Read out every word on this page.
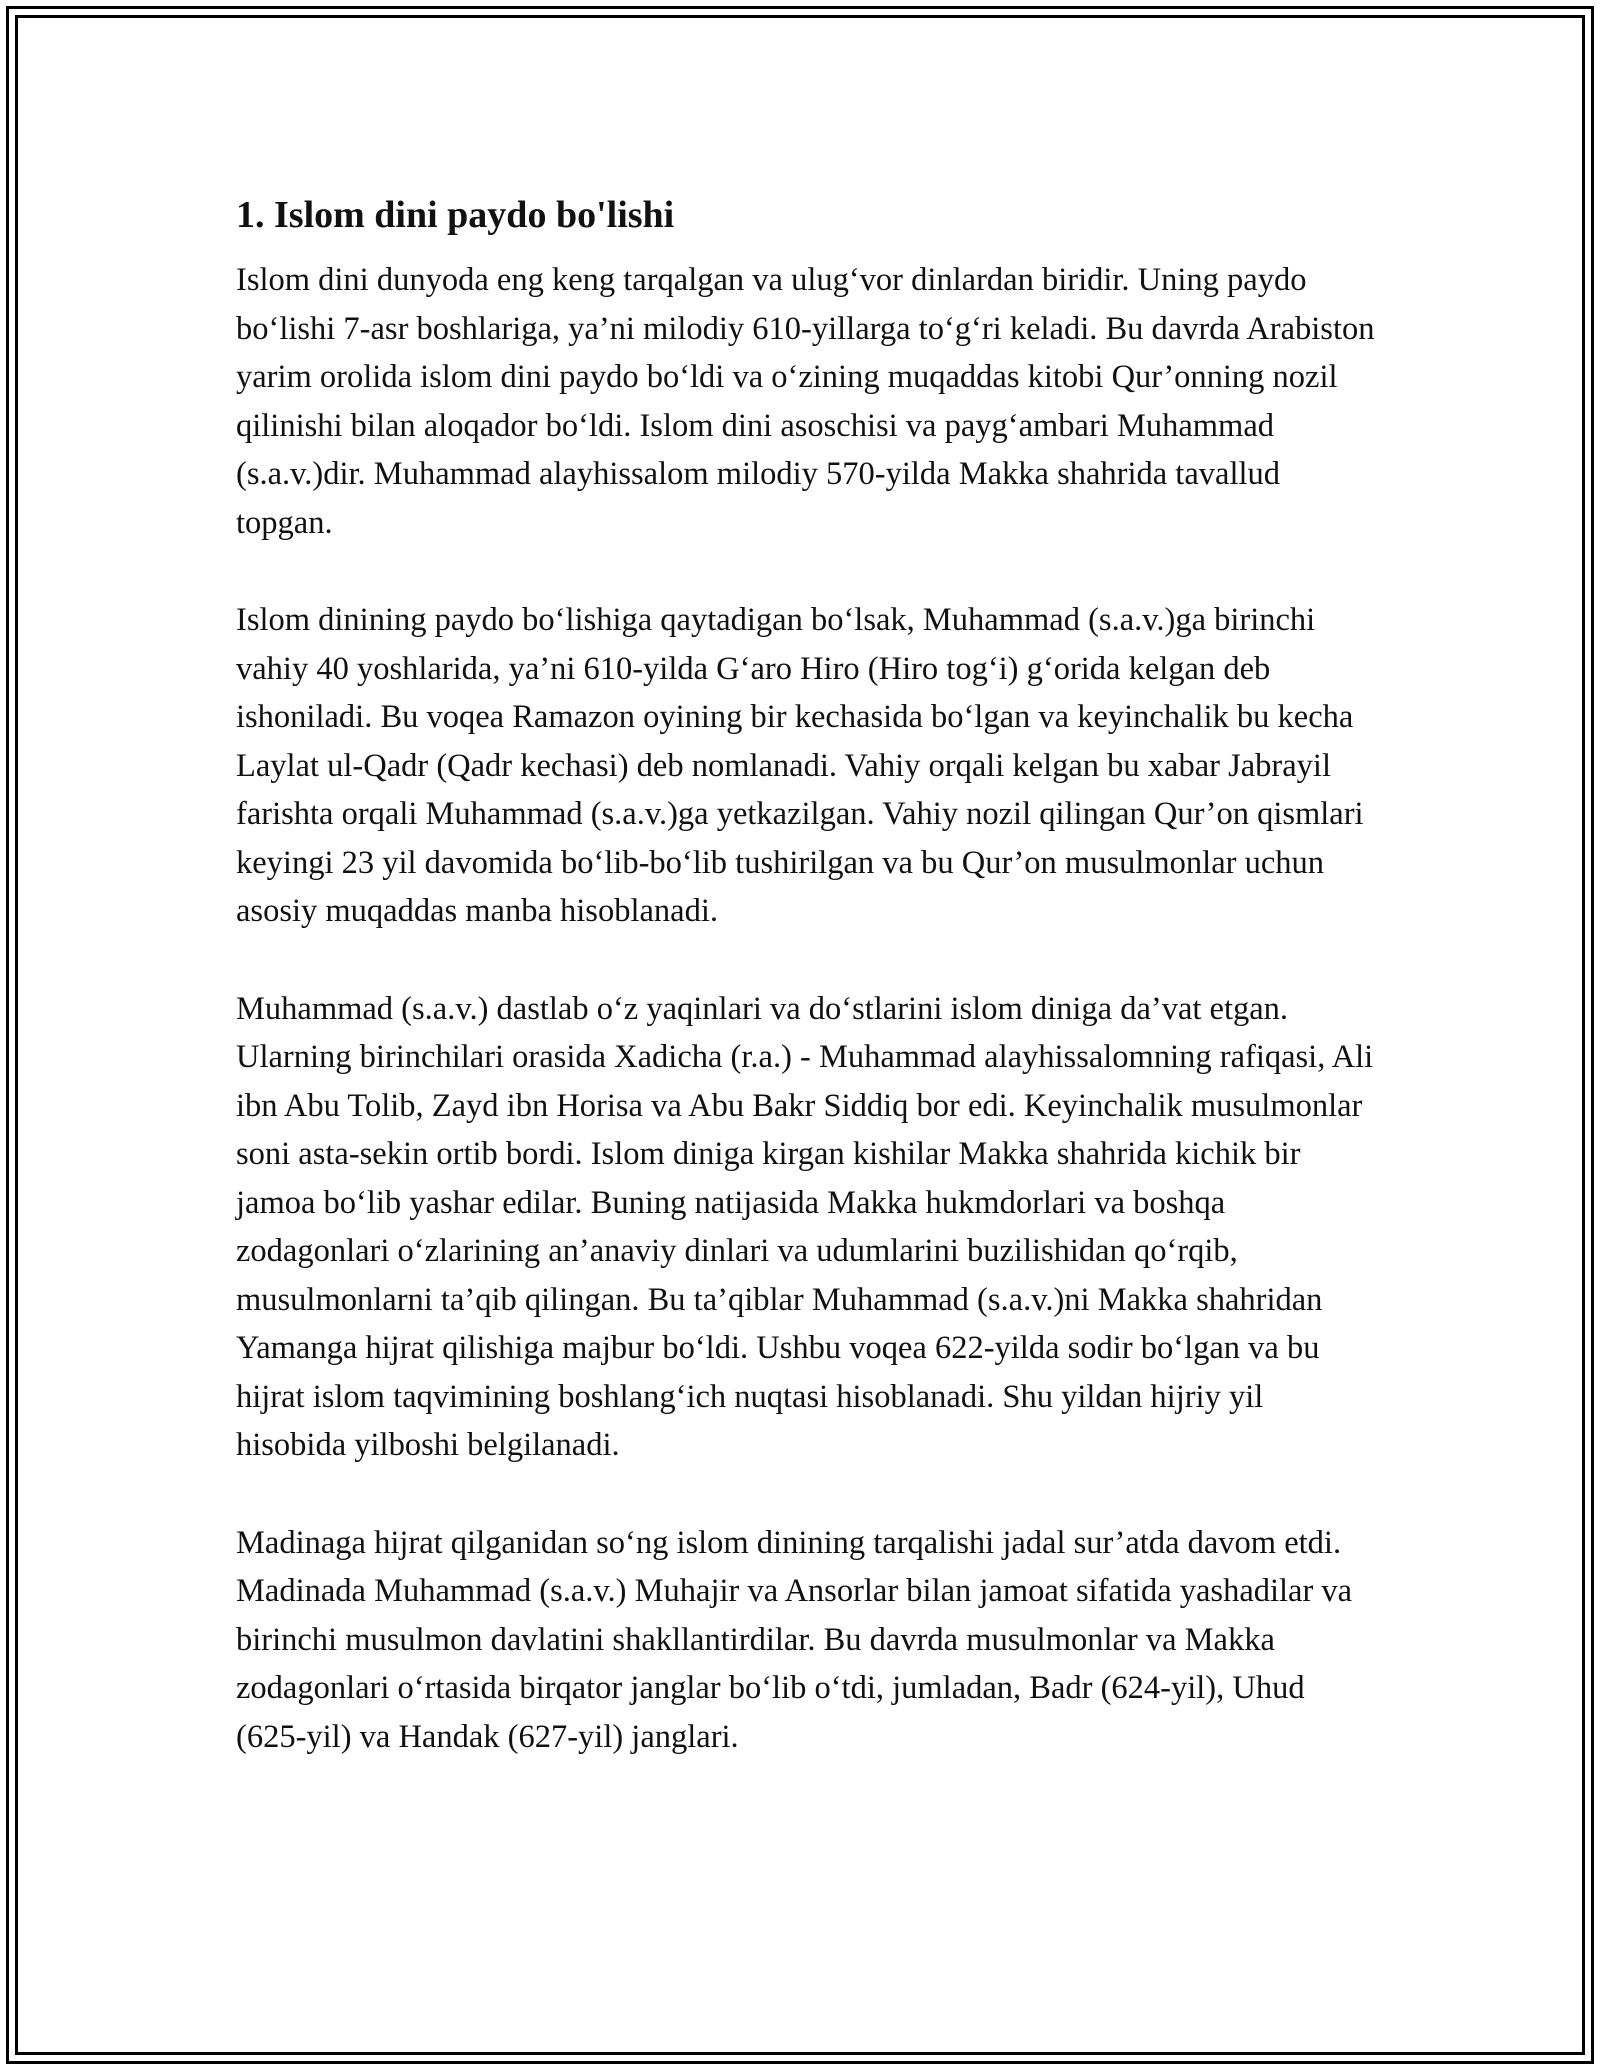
1. Islom dini paydo bo'lishi

Islom dini dunyoda eng keng tarqalgan va ulug‘vor dinlardan biridir. Uning paydo bo‘lishi 7-asr boshlariga, ya’ni milodiy 610-yillarga to‘g‘ri keladi. Bu davrda Arabiston yarim orolida islom dini paydo bo‘ldi va o‘zining muqaddas kitobi Qur’onning nozil qilinishi bilan aloqador bo‘ldi. Islom dini asoschisi va payg‘ambari Muhammad (s.a.v.)dir. Muhammad alayhissalom milodiy 570-yilda Makka shahrida tavallud topgan.

Islom dinining paydo bo‘lishiga qaytadigan bo‘lsak, Muhammad (s.a.v.)ga birinchi vahiy 40 yoshlarida, ya’ni 610-yilda G‘aro Hiro (Hiro tog‘i) g‘orida kelgan deb ishoniladi. Bu voqea Ramazon oyining bir kechasida bo‘lgan va keyinchalik bu kecha Laylat ul-Qadr (Qadr kechasi) deb nomlanadi. Vahiy orqali kelgan bu xabar Jabrayil farishta orqali Muhammad (s.a.v.)ga yetkazilgan. Vahiy nozil qilingan Qur’on qismlari keyingi 23 yil davomida bo‘lib-bo‘lib tushirilgan va bu Qur’on musulmonlar uchun asosiy muqaddas manba hisoblanadi.

Muhammad (s.a.v.) dastlab o‘z yaqinlari va do‘stlarini islom diniga da’vat etgan. Ularning birinchilari orasida Xadicha (r.a.) - Muhammad alayhissalomning rafiqasi, Ali ibn Abu Tolib, Zayd ibn Horisa va Abu Bakr Siddiq bor edi. Keyinchalik musulmonlar soni asta-sekin ortib bordi. Islom diniga kirgan kishilar Makka shahrida kichik bir jamoa bo‘lib yashar edilar. Buning natijasida Makka hukmdorlari va boshqa zodagonlari o‘zlarining an’anaviy dinlari va udumlarini buzilishidan qo‘rqib, musulmonlarni ta’qib qilingan. Bu ta’qiblar Muhammad (s.a.v.)ni Makka shahridan Yamanga hijrat qilishiga majbur bo‘ldi. Ushbu voqea 622-yilda sodir bo‘lgan va bu hijrat islom taqvimining boshlang‘ich nuqtasi hisoblanadi. Shu yildan hijriy yil hisobida yilboshi belgilanadi.

Madinaga hijrat qilganidan so‘ng islom dinining tarqalishi jadal sur’atda davom etdi. Madinada Muhammad (s.a.v.) Muhajir va Ansorlar bilan jamoat sifatida yashadilar va birinchi musulmon davlatini shakllantirdilar. Bu davrda musulmonlar va Makka zodagonlari o‘rtasida birqator janglar bo‘lib o‘tdi, jumladan, Badr (624-yil), Uhud (625-yil) va Handak (627-yil) janglari.
